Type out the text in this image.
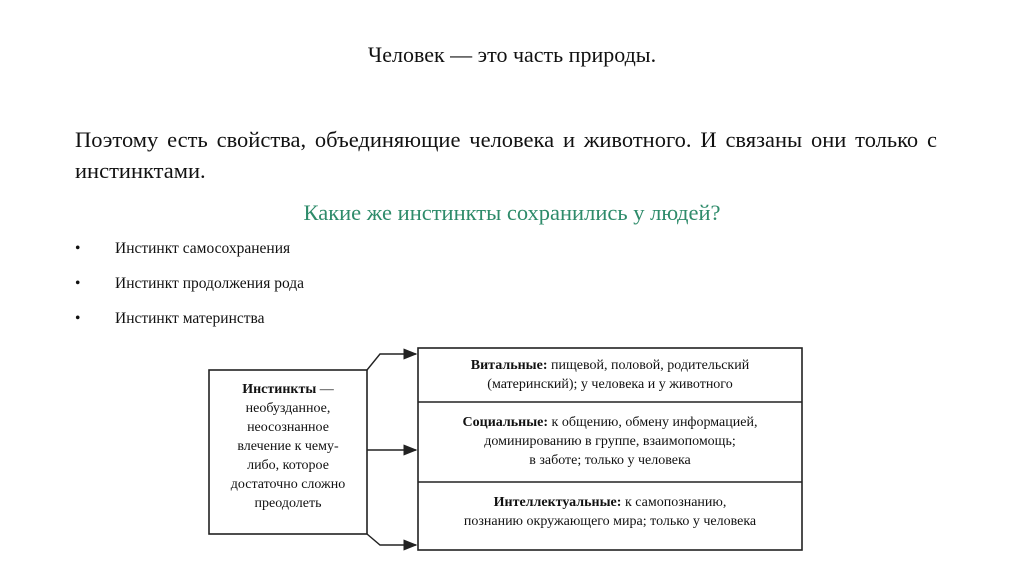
Человек — это часть природы.
Поэтому есть свойства, объединяющие человека и животного. И связаны они только с инстинктами.
Какие же инстинкты сохранились у людей?
• Инстинкт самосохранения
• Инстинкт продолжения рода
• Инстинкт материнства
Инстинкты —
необузданное,
неосознанное
влечение к чему-
либо, которое
достаточно сложно
преодолеть
Витальные: пищевой, половой, родительский
(материнский); у человека и у животного
Социальные: к общению, обмену информацией,
доминированию в группе, взаимопомощь;
в заботе; только у человека
Интеллектуальные: к самопознанию,
познанию окружающего мира; только у человека
